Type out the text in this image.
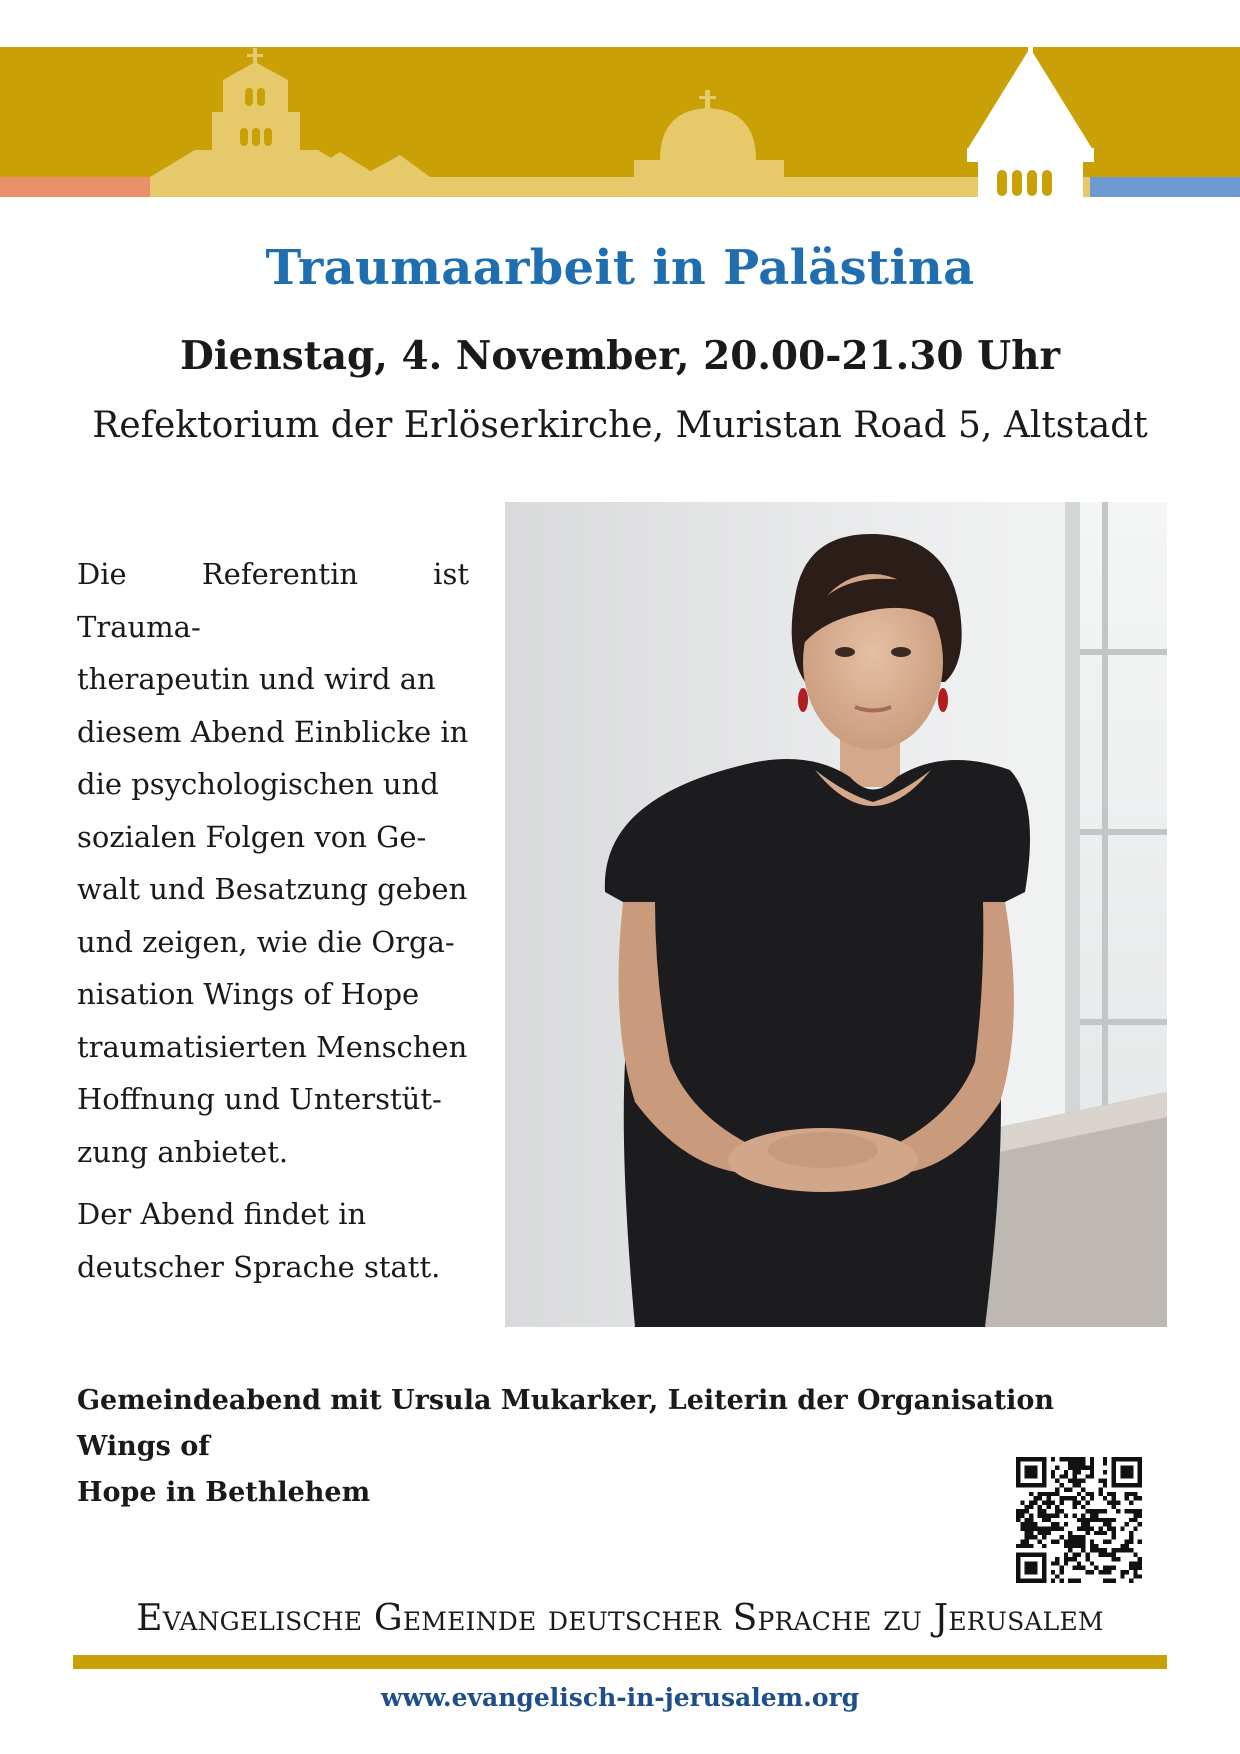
Traumaarbeit in Palästina
Dienstag, 4. November, 20.00-21.30 Uhr

Refektorium der Erlöserkirche, Muristan Road 5, Altstadt

Die Referentin ist Trauma-
therapeutin und wird an
diesem Abend Einblicke in
die psychologischen und
sozialen Folgen von Ge-
walt und Besatzung geben
und zeigen, wie die Orga-
nisation Wings of Hope
traumatisierten Menschen
Hoffnung und Unterstüt-
zung anbietet.

Der Abend findet in
deutscher Sprache statt.

Gemeindeabend mit Ursula Mukarker, Leiterin der Organisation Wings of
Hope in Bethlehem

Evangelische Gemeinde deutscher Sprache zu Jerusalem

www.evangelisch-in-jerusalem.org
